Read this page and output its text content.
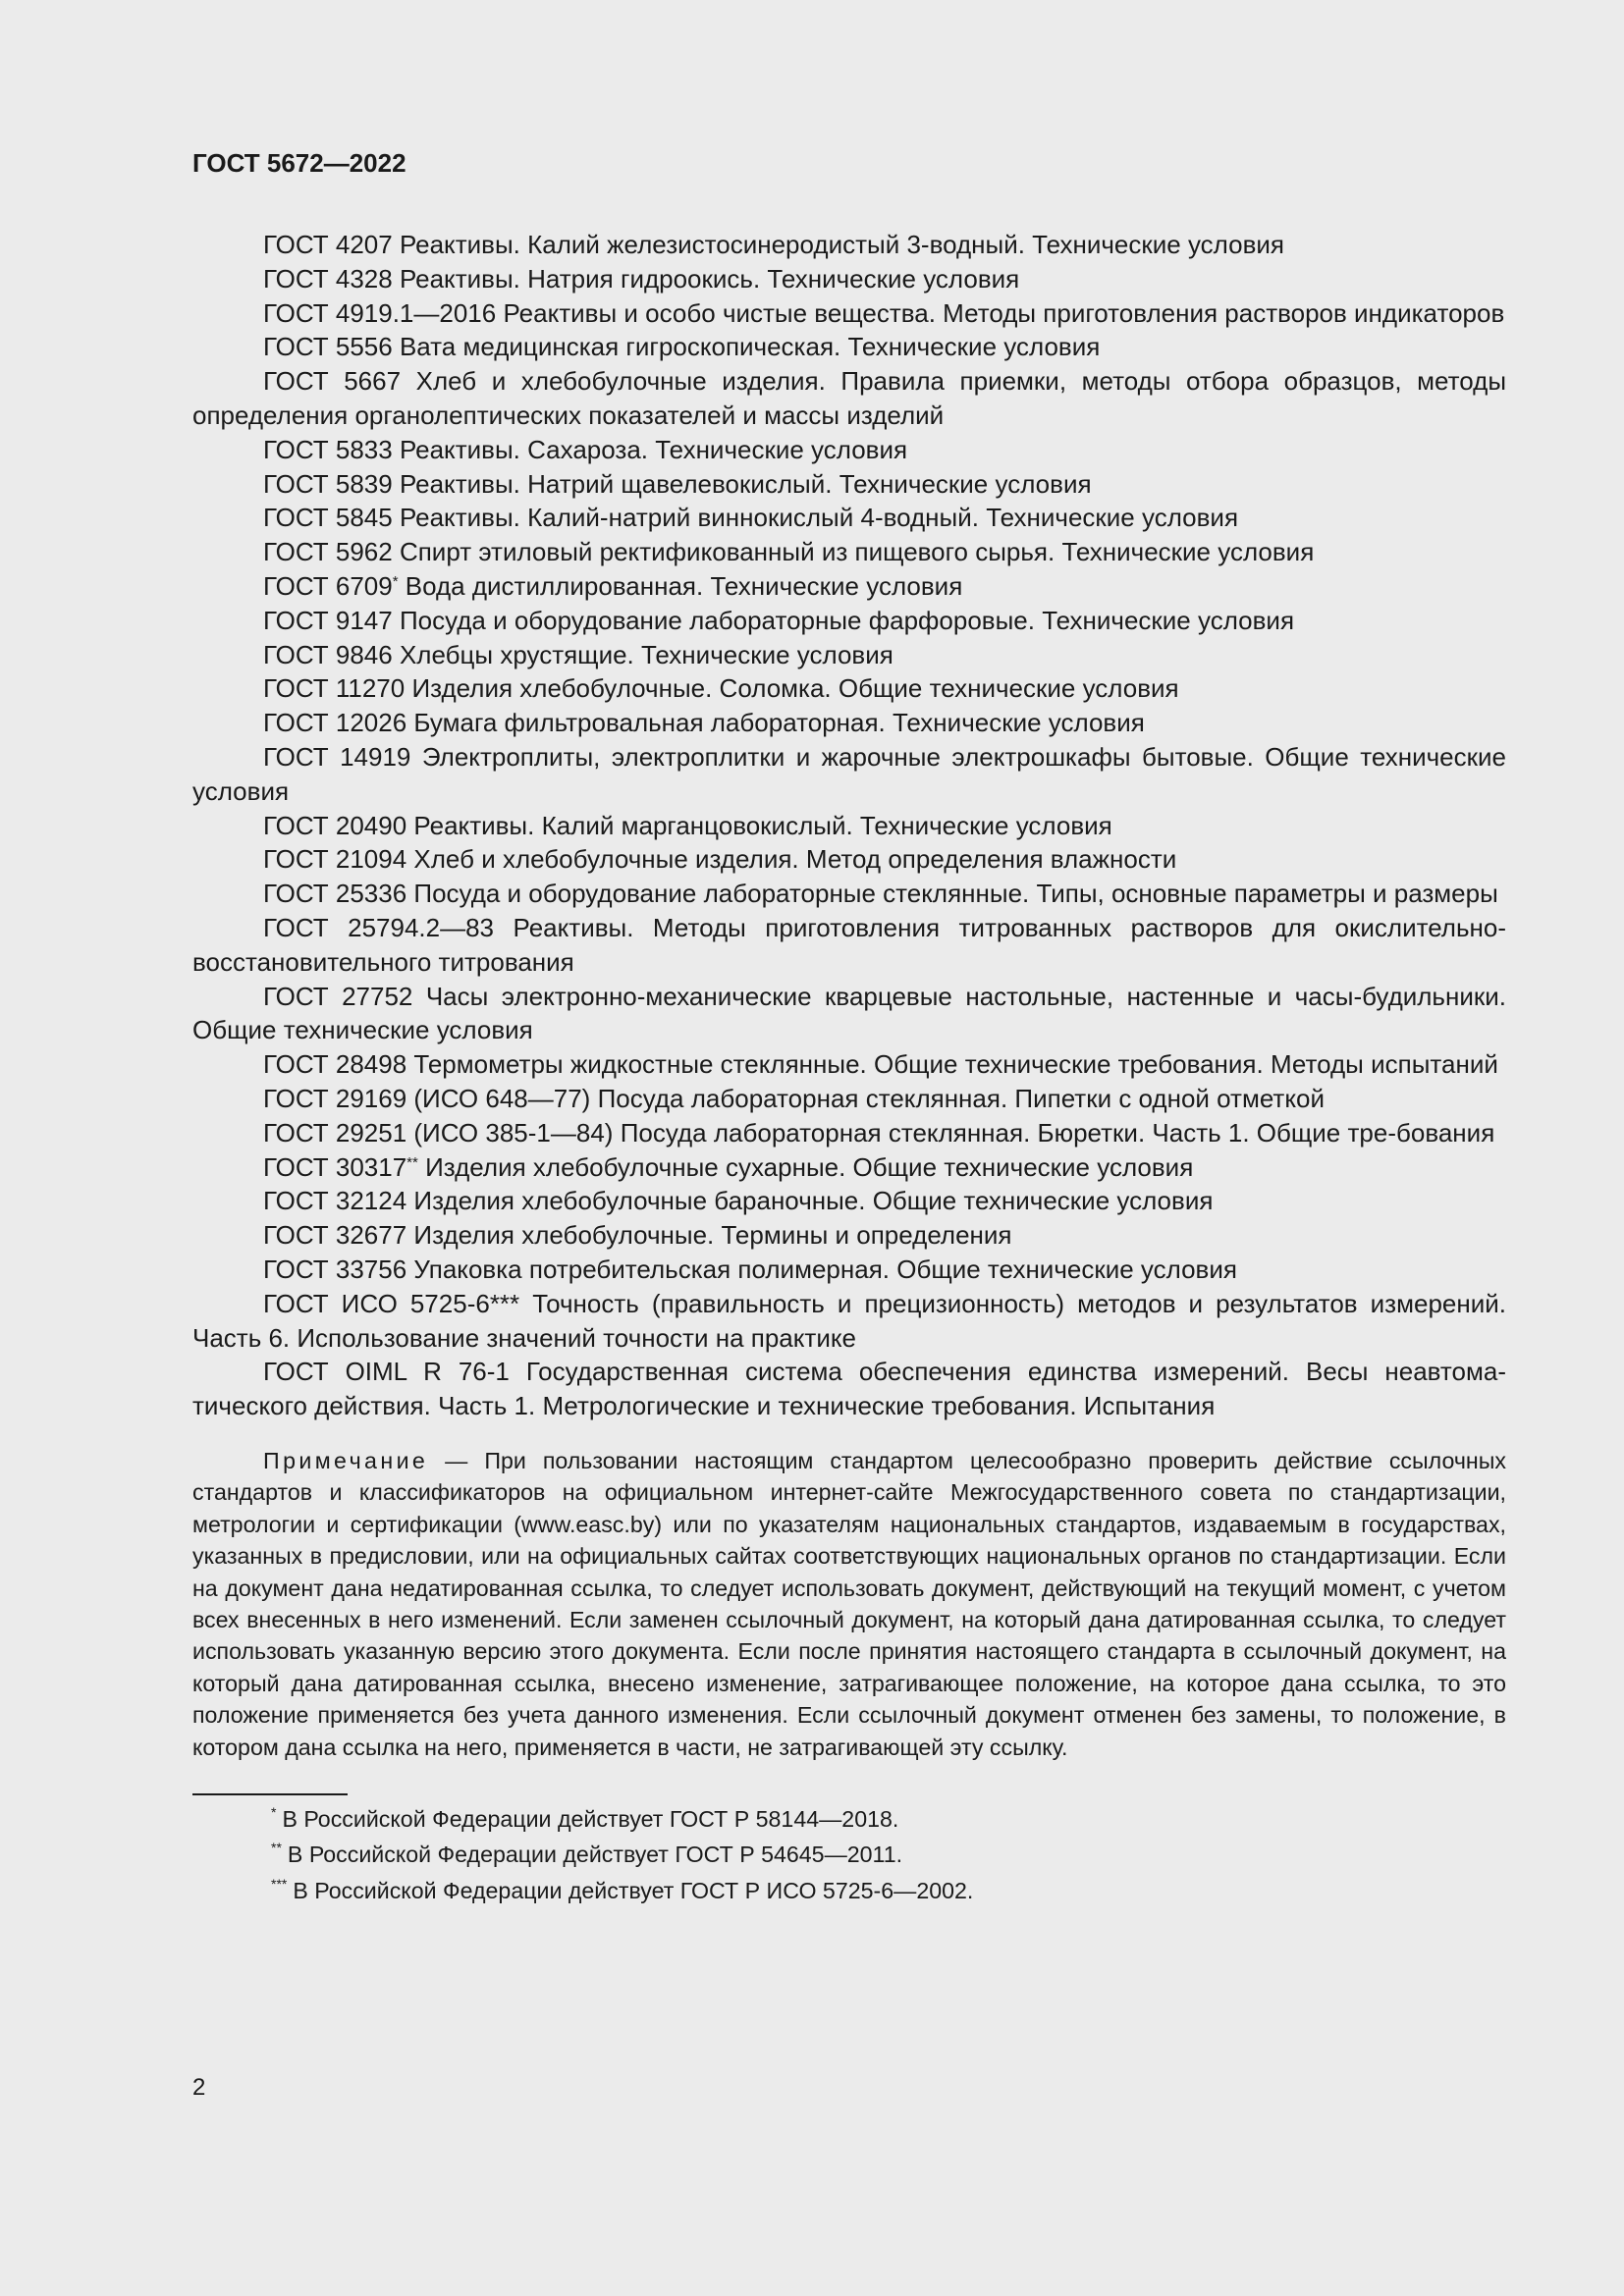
ГОСТ 5672—2022
ГОСТ 4207 Реактивы. Калий железистосинеродистый 3-водный. Технические условия
ГОСТ 4328 Реактивы. Натрия гидроокись. Технические условия
ГОСТ 4919.1—2016 Реактивы и особо чистые вещества. Методы приготовления растворов индикаторов
ГОСТ 5556 Вата медицинская гигроскопическая. Технические условия
ГОСТ 5667 Хлеб и хлебобулочные изделия. Правила приемки, методы отбора образцов, методы определения органолептических показателей и массы изделий
ГОСТ 5833 Реактивы. Сахароза. Технические условия
ГОСТ 5839 Реактивы. Натрий щавелевокислый. Технические условия
ГОСТ 5845 Реактивы. Калий-натрий виннокислый 4-водный. Технические условия
ГОСТ 5962 Спирт этиловый ректификованный из пищевого сырья. Технические условия
ГОСТ 6709* Вода дистиллированная. Технические условия
ГОСТ 9147 Посуда и оборудование лабораторные фарфоровые. Технические условия
ГОСТ 9846 Хлебцы хрустящие. Технические условия
ГОСТ 11270 Изделия хлебобулочные. Соломка. Общие технические условия
ГОСТ 12026 Бумага фильтровальная лабораторная. Технические условия
ГОСТ 14919 Электроплиты, электроплитки и жарочные электрошкафы бытовые. Общие технические условия
ГОСТ 20490 Реактивы. Калий марганцовокислый. Технические условия
ГОСТ 21094 Хлеб и хлебобулочные изделия. Метод определения влажности
ГОСТ 25336 Посуда и оборудование лабораторные стеклянные. Типы, основные параметры и размеры
ГОСТ 25794.2—83 Реактивы. Методы приготовления титрованных растворов для окислительно-восстановительного титрования
ГОСТ 27752 Часы электронно-механические кварцевые настольные, настенные и часы-будильники. Общие технические условия
ГОСТ 28498 Термометры жидкостные стеклянные. Общие технические требования. Методы испытаний
ГОСТ 29169 (ИСО 648—77) Посуда лабораторная стеклянная. Пипетки с одной отметкой
ГОСТ 29251 (ИСО 385-1—84) Посуда лабораторная стеклянная. Бюретки. Часть 1. Общие тре-бования
ГОСТ 30317** Изделия хлебобулочные сухарные. Общие технические условия
ГОСТ 32124 Изделия хлебобулочные бараночные. Общие технические условия
ГОСТ 32677 Изделия хлебобулочные. Термины и определения
ГОСТ 33756 Упаковка потребительская полимерная. Общие технические условия
ГОСТ ИСО 5725-6*** Точность (правильность и прецизионность) методов и результатов измерений. Часть 6. Использование значений точности на практике
ГОСТ OIML R 76-1 Государственная система обеспечения единства измерений. Весы неавтома-тического действия. Часть 1. Метрологические и технические требования. Испытания
Примечание — При пользовании настоящим стандартом целесообразно проверить действие ссылочных стандартов и классификаторов на официальном интернет-сайте Межгосударственного совета по стандартизации, метрологии и сертификации (www.easc.by) или по указателям национальных стандартов, издаваемым в государствах, указанных в предисловии, или на официальных сайтах соответствующих национальных органов по стандартизации. Если на документ дана недатированная ссылка, то следует использовать документ, действующий на текущий момент, с учетом всех внесенных в него изменений. Если заменен ссылочный документ, на который дана датированная ссылка, то следует использовать указанную версию этого документа. Если после принятия настоящего стандарта в ссылочный документ, на который дана датированная ссылка, внесено изменение, затрагивающее положение, на которое дана ссылка, то это положение применяется без учета данного изменения. Если ссылочный документ отменен без замены, то положение, в котором дана ссылка на него, применяется в части, не затрагивающей эту ссылку.
* В Российской Федерации действует ГОСТ Р 58144—2018.
** В Российской Федерации действует ГОСТ Р 54645—2011.
*** В Российской Федерации действует ГОСТ Р ИСО 5725-6—2002.
2
